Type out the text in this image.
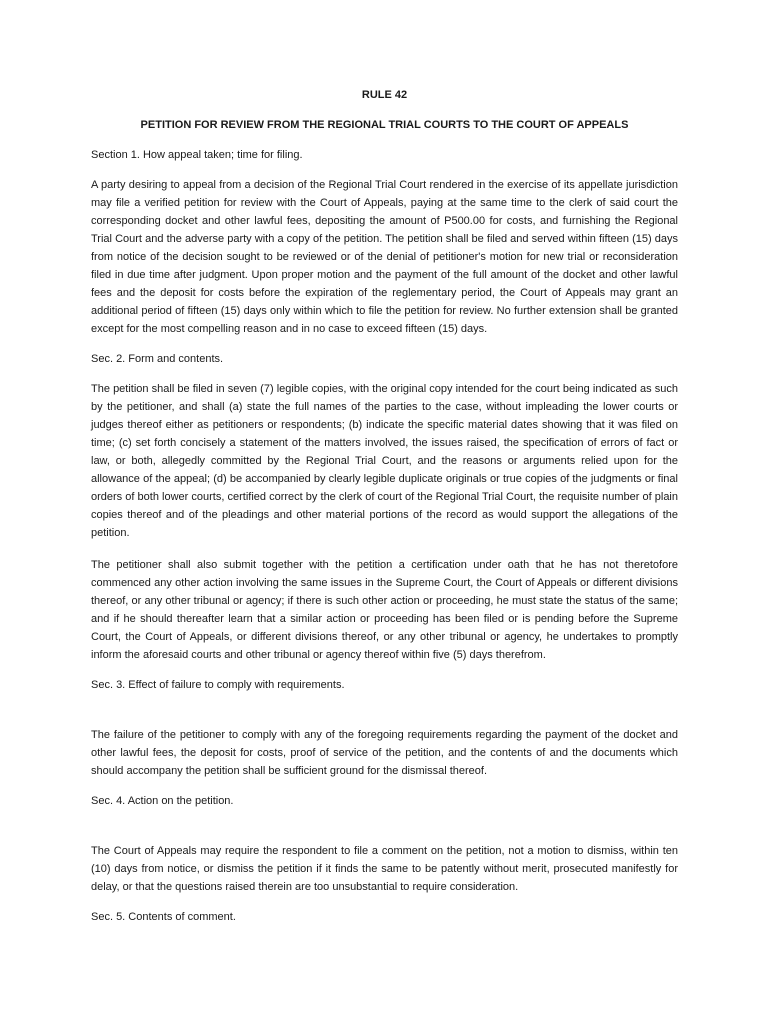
RULE 42

PETITION FOR REVIEW FROM THE REGIONAL TRIAL COURTS TO THE COURT OF APPEALS

Section 1. How appeal taken; time for filing.

A party desiring to appeal from a decision of the Regional Trial Court rendered in the exercise of its appellate jurisdiction may file a verified petition for review with the Court of Appeals, paying at the same time to the clerk of said court the corresponding docket and other lawful fees, depositing the amount of P500.00 for costs, and furnishing the Regional Trial Court and the adverse party with a copy of the petition. The petition shall be filed and served within fifteen (15) days from notice of the decision sought to be reviewed or of the denial of petitioner's motion for new trial or reconsideration filed in due time after judgment. Upon proper motion and the payment of the full amount of the docket and other lawful fees and the deposit for costs before the expiration of the reglementary period, the Court of Appeals may grant an additional period of fifteen (15) days only within which to file the petition for review. No further extension shall be granted except for the most compelling reason and in no case to exceed fifteen (15) days.

Sec. 2. Form and contents.

The petition shall be filed in seven (7) legible copies, with the original copy intended for the court being indicated as such by the petitioner, and shall (a) state the full names of the parties to the case, without impleading the lower courts or judges thereof either as petitioners or respondents; (b) indicate the specific material dates showing that it was filed on time; (c) set forth concisely a statement of the matters involved, the issues raised, the specification of errors of fact or law, or both, allegedly committed by the Regional Trial Court, and the reasons or arguments relied upon for the allowance of the appeal; (d) be accompanied by clearly legible duplicate originals or true copies of the judgments or final orders of both lower courts, certified correct by the clerk of court of the Regional Trial Court, the requisite number of plain copies thereof and of the pleadings and other material portions of the record as would support the allegations of the petition.

The petitioner shall also submit together with the petition a certification under oath that he has not theretofore commenced any other action involving the same issues in the Supreme Court, the Court of Appeals or different divisions thereof, or any other tribunal or agency; if there is such other action or proceeding, he must state the status of the same; and if he should thereafter learn that a similar action or proceeding has been filed or is pending before the Supreme Court, the Court of Appeals, or different divisions thereof, or any other tribunal or agency, he undertakes to promptly inform the aforesaid courts and other tribunal or agency thereof within five (5) days therefrom.

Sec. 3. Effect of failure to comply with requirements.

The failure of the petitioner to comply with any of the foregoing requirements regarding the payment of the docket and other lawful fees, the deposit for costs, proof of service of the petition, and the contents of and the documents which should accompany the petition shall be sufficient ground for the dismissal thereof.

Sec. 4. Action on the petition.

The Court of Appeals may require the respondent to file a comment on the petition, not a motion to dismiss, within ten (10) days from notice, or dismiss the petition if it finds the same to be patently without merit, prosecuted manifestly for delay, or that the questions raised therein are too unsubstantial to require consideration.

Sec. 5. Contents of comment.
